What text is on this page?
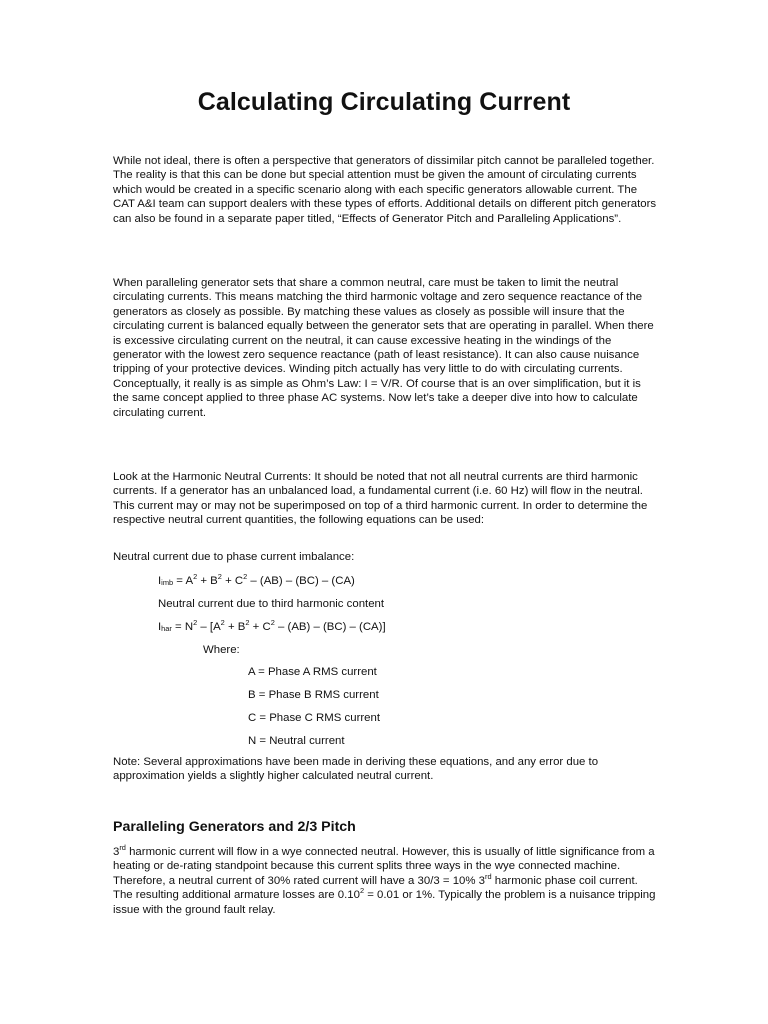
Calculating Circulating Current

While not ideal, there is often a perspective that generators of dissimilar pitch cannot be paralleled together. The reality is that this can be done but special attention must be given the amount of circulating currents which would be created in a specific scenario along with each specific generators allowable current. The CAT A&I team can support dealers with these types of efforts. Additional details on different pitch generators can also be found in a separate paper titled, “Effects of Generator Pitch and Paralleling Applications”.

When paralleling generator sets that share a common neutral, care must be taken to limit the neutral circulating currents. This means matching the third harmonic voltage and zero sequence reactance of the generators as closely as possible. By matching these values as closely as possible will insure that the circulating current is balanced equally between the generator sets that are operating in parallel. When there is excessive circulating current on the neutral, it can cause excessive heating in the windings of the generator with the lowest zero sequence reactance (path of least resistance). It can also cause nuisance tripping of your protective devices. Winding pitch actually has very little to do with circulating currents. Conceptually, it really is as simple as Ohm’s Law: I = V/R. Of course that is an over simplification, but it is the same concept applied to three phase AC systems. Now let’s take a deeper dive into how to calculate circulating current.

Look at the Harmonic Neutral Currents: It should be noted that not all neutral currents are third harmonic currents. If a generator has an unbalanced load, a fundamental current (i.e. 60 Hz) will flow in the neutral. This current may or may not be superimposed on top of a third harmonic current. In order to determine the respective neutral current quantities, the following equations can be used:

Neutral current due to phase current imbalance:

Iimb = $A^2 + B^2 + C^2 - (AB) - (BC) - (CA)$

Neutral current due to third harmonic content

Ihar = $N^2 - [A^2 + B^2 + C^2 - (AB) - (BC) - (CA)]$

Where:

A = Phase A RMS current

B = Phase B RMS current

C = Phase C RMS current

N = Neutral current

Note: Several approximations have been made in deriving these equations, and any error due to approximation yields a slightly higher calculated neutral current.

Paralleling Generators and 2/3 Pitch

3rd harmonic current will flow in a wye connected neutral. However, this is usually of little significance from a heating or de-rating standpoint because this current splits three ways in the wye connected machine. Therefore, a neutral current of 30% rated current will have a 30/3 = 10% 3rd harmonic phase coil current. The resulting additional armature losses are $0.10^2 = 0.01$ or 1%. Typically the problem is a nuisance tripping issue with the ground fault relay.
